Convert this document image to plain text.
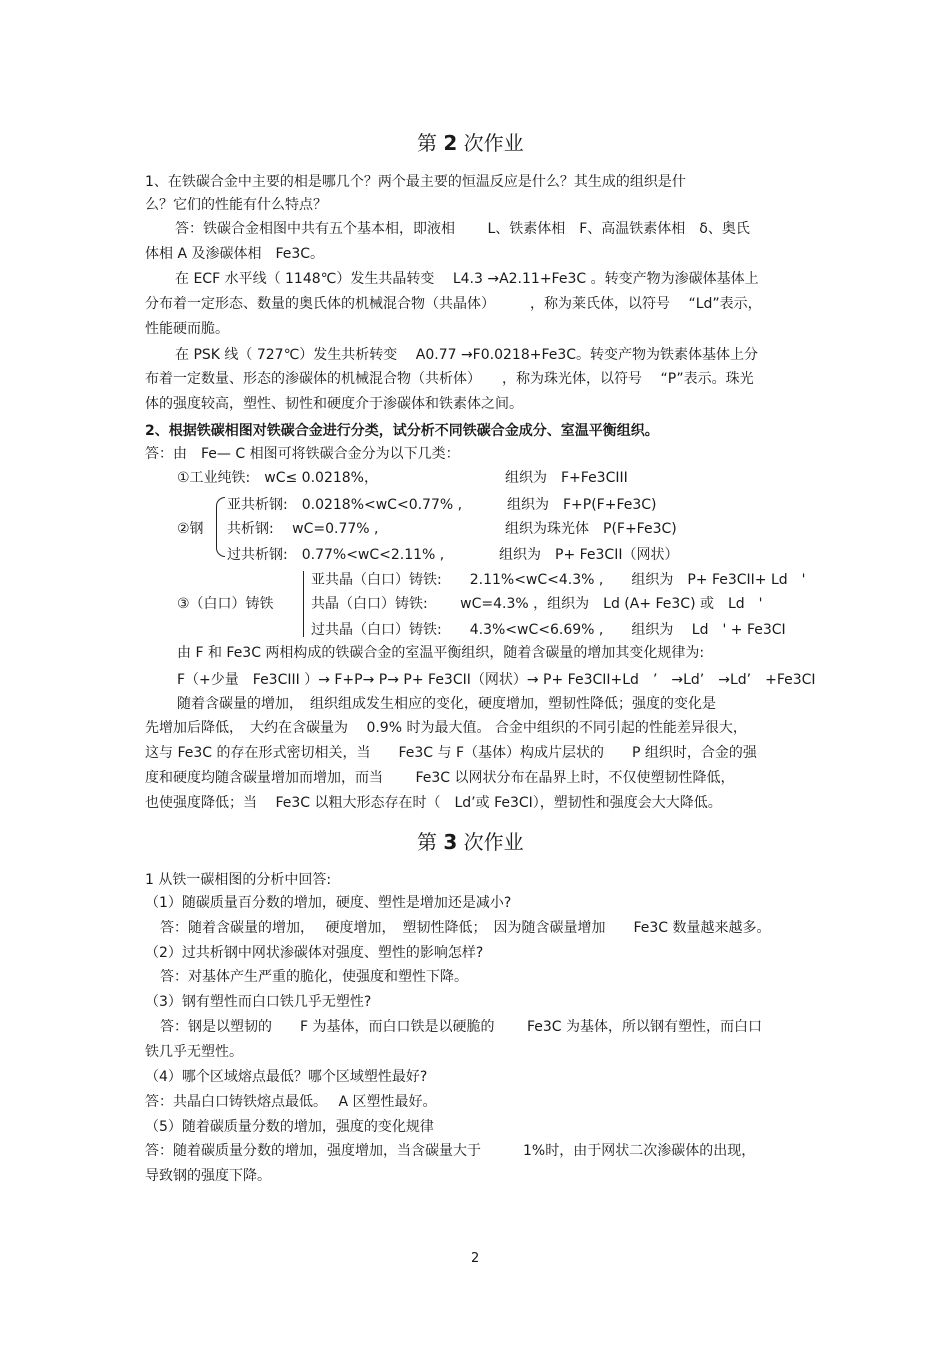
第 2 次作业
1、在铁碳合金中主要的相是哪几个？两个最主要的恒温反应是什么？其生成的组织是什
么？它们的性能有什么特点？
答：铁碳合金相图中共有五个基本相，即液相　　 L、铁素体相　F、高温铁素体相　δ、奥氏
体相 A 及渗碳体相　Fe3C。
在 ECF 水平线（ 1148℃）发生共晶转变　 L4.3 →A2.11+Fe3C 。转变产物为渗碳体基体上
分布着一定形态、数量的奥氏体的机械混合物（共晶体）　　　，称为莱氏体，以符号　 “Ld”表示，
性能硬而脆。
在 PSK 线（ 727℃）发生共析转变　 A0.77 →F0.0218+Fe3C。转变产物为铁素体基体上分
布着一定数量、形态的渗碳体的机械混合物（共析体）　　，称为珠光体，以符号　 “P”表示。珠光
体的强度较高，塑性、韧性和硬度介于渗碳体和铁素体之间。
2、根据铁碳相图对铁碳合金进行分类，试分析不同铁碳合金成分、室温平衡组织。
答：由　Fe— C 相图可将铁碳合金分为以下几类：
①工业纯铁:　wC≤ 0.0218%，	组织为　F+Fe3CIII
②钢
亚共析钢:　0.0218%<wC<0.77% ,	组织为　F+P(F+Fe3C)
共析钢:　 wC=0.77% ,	组织为珠光体　P(F+Fe3C)
过共析钢:　0.77%<wC<2.11% ,	组织为　P+ Fe3CII（网状）
③（白口）铸铁
亚共晶（白口）铸铁:　　2.11%<wC<4.3% ,　　组织为　P+ Fe3CII+ Ld　'
共晶（白口）铸铁:　　 wC=4.3% ，组织为　Ld (A+ Fe3C) 或　Ld　'
过共晶（白口）铸铁:　　4.3%<wC<6.69% ,　　组织为　 Ld　' + Fe3CI
由 F 和 Fe3C 两相构成的铁碳合金的室温平衡组织，随着含碳量的增加其变化规律为:
F（+少量　Fe3CIII ）→ F+P→ P→ P+ Fe3CII（网状）→ P+ Fe3CII+Ld　’　→Ld’　→Ld’　+Fe3CI
随着含碳量的增加，　组织组成发生相应的变化，硬度增加，塑韧性降低；强度的变化是
先增加后降低，　大约在含碳量为　 0.9% 时为最大值。 合金中组织的不同引起的性能差异很大，
这与 Fe3C 的存在形式密切相关，当　　Fe3C 与 F（基体）构成片层状的　　P 组织时，合金的强
度和硬度均随含碳量增加而增加，而当　　 Fe3C 以网状分布在晶界上时，不仅使塑韧性降低，
也使强度降低；当　 Fe3C 以粗大形态存在时（　Ld’或 Fe3CI），塑韧性和强度会大大降低。
第 3 次作业
1 从铁一碳相图的分析中回答:
（1）随碳质量百分数的增加，硬度、塑性是增加还是减小?
答：随着含碳量的增加，　 硬度增加，　塑韧性降低；　因为随含碳量增加　　Fe3C 数量越来越多。
（2）过共析钢中网状渗碳体对强度、塑性的影响怎样?
答：对基体产生严重的脆化，使强度和塑性下降。
（3）钢有塑性而白口铁几乎无塑性?
答：钢是以塑韧的　　F 为基体，而白口铁是以硬脆的　　 Fe3C 为基体，所以钢有塑性，而白口
铁几乎无塑性。
（4）哪个区域熔点最低？哪个区域塑性最好?
答：共晶白口铸铁熔点最低。　 A 区塑性最好。
（5）随着碳质量分数的增加，强度的变化规律
答：随着碳质量分数的增加，强度增加，当含碳量大于　　　1%时，由于网状二次渗碳体的出现，
导致钢的强度下降。
2
